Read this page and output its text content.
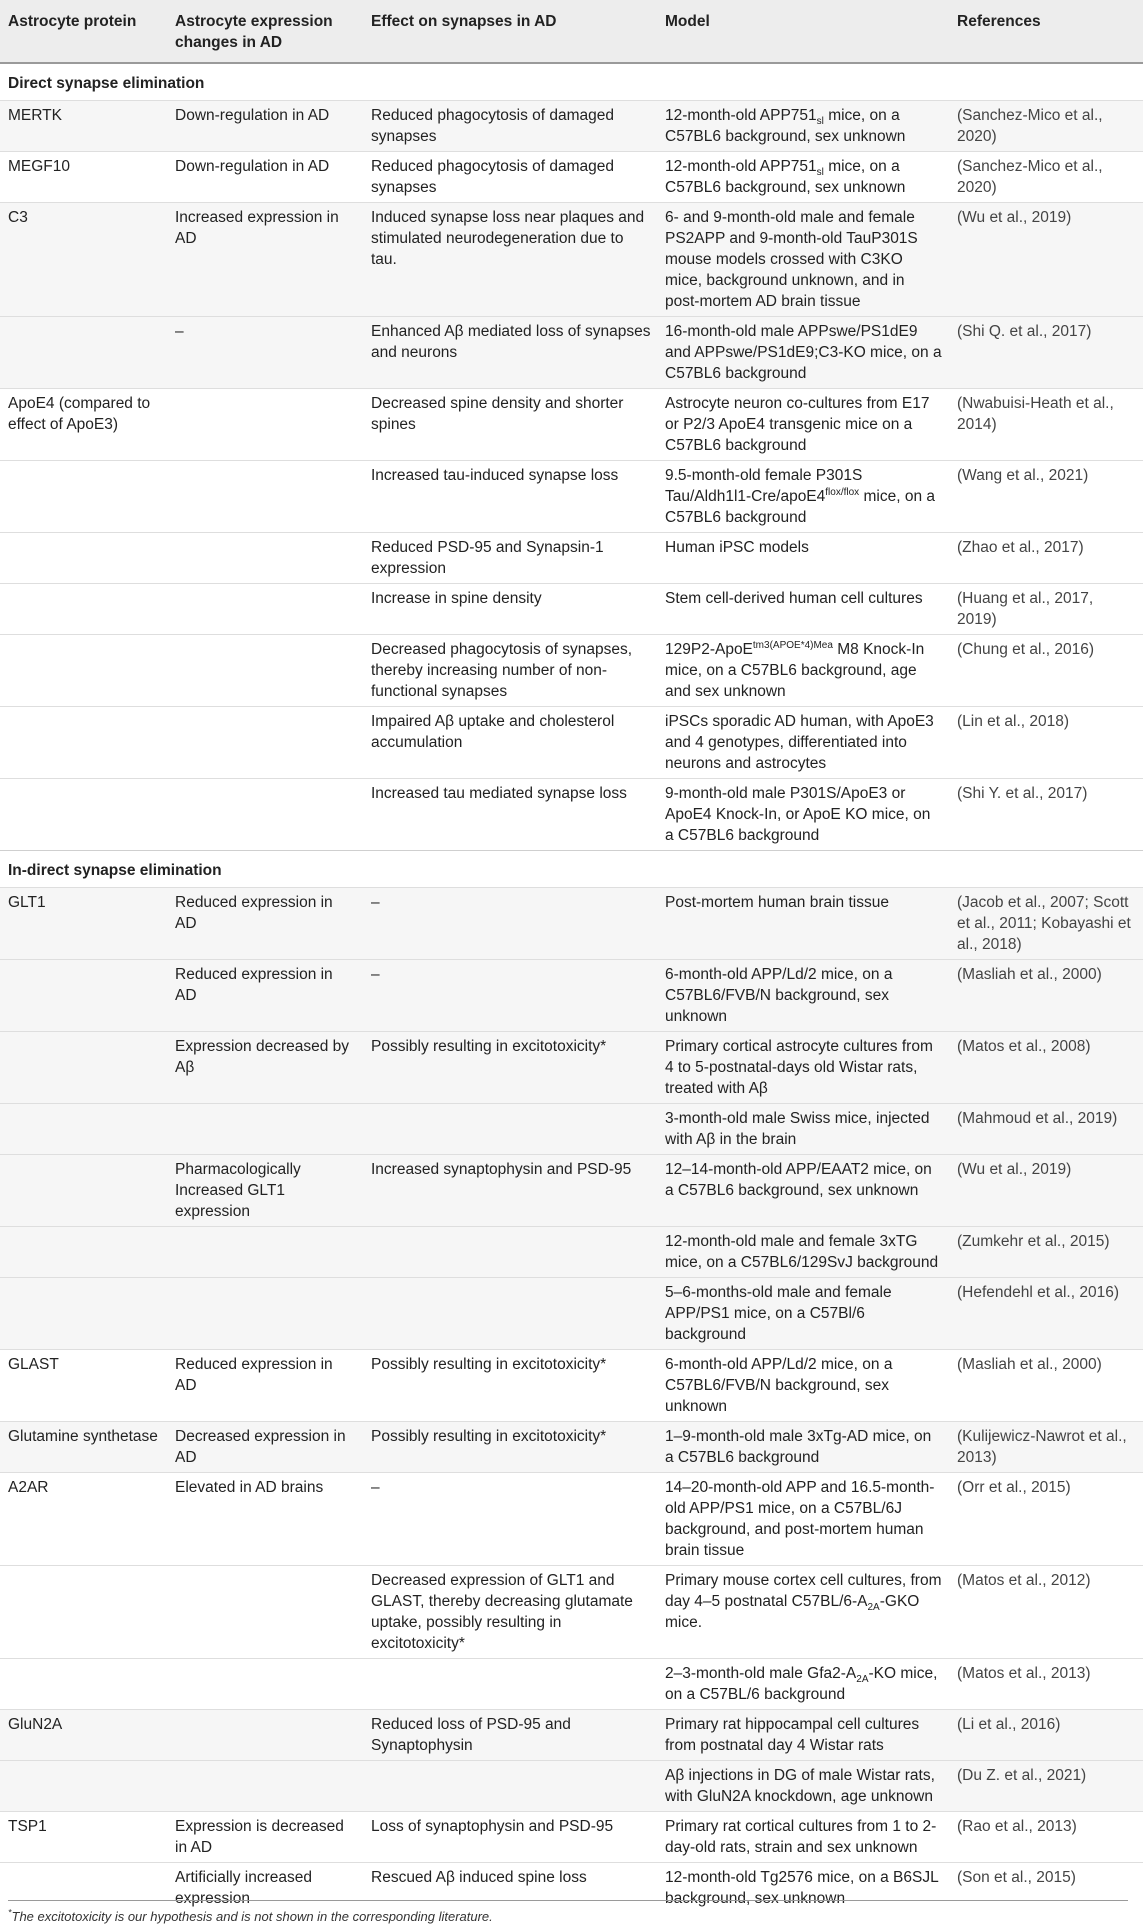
Astrocyte protein	Astrocyte expression changes in AD	Effect on synapses in AD	Model	References
Direct synapse elimination				
MERTK	Down-regulation in AD	Reduced phagocytosis of damaged synapses	12-month-old $APP751_{sl}$ mice, on a C57BL6 background, sex unknown	(Sanchez-Mico et al., 2020)
MEGF10	Down-regulation in AD	Reduced phagocytosis of damaged synapses	12-month-old $APP751_{sl}$ mice, on a C57BL6 background, sex unknown	(Sanchez-Mico et al., 2020)
C3	Increased expression in AD	Induced synapse loss near plaques and stimulated neurodegeneration due to tau.	6- and 9-month-old male and female PS2APP and 9-month-old TauP301S mouse models crossed with C3KO mice, background unknown, and in post-mortem AD brain tissue	(Wu et al., 2019)
	–	Enhanced Aβ mediated loss of synapses and neurons	16-month-old male APPswe/PS1dE9 and APPswe/PS1dE9;C3-KO mice, on a C57BL6 background	(Shi Q. et al., 2017)
ApoE4 (compared to effect of ApoE3)		Decreased spine density and shorter spines	Astrocyte neuron co-cultures from E17 or P2/3 ApoE4 transgenic mice on a C57BL6 background	(Nwabuisi-Heath et al., 2014)
		Increased tau-induced synapse loss	9.5-month-old female P301S Tau/$Aldh1l1-Cre/apoE4^{flox/flox}$ mice, on a C57BL6 background	(Wang et al., 2021)
		Reduced PSD-95 and Synapsin-1 expression	Human iPSC models	(Zhao et al., 2017)
		Increase in spine density	Stem cell-derived human cell cultures	(Huang et al., 2017, 2019)
		Decreased phagocytosis of synapses, thereby increasing number of non-functional synapses	129P2-ApoE$^{tm3(APOE*4)Mea}$ M8 Knock-In mice, on a C57BL6 background, age and sex unknown	(Chung et al., 2016)
		Impaired Aβ uptake and cholesterol accumulation	iPSCs sporadic AD human, with ApoE3 and 4 genotypes, differentiated into neurons and astrocytes	(Lin et al., 2018)
		Increased tau mediated synapse loss	9-month-old male P301S/ApoE3 or ApoE4 Knock-In, or ApoE KO mice, on a C57BL6 background	(Shi Y. et al., 2017)
In-direct synapse elimination				
GLT1	Reduced expression in AD	–	Post-mortem human brain tissue	(Jacob et al., 2007; Scott et al., 2011; Kobayashi et al., 2018)
	Reduced expression in AD	–	6-month-old APP/Ld/2 mice, on a C57BL6/FVB/N background, sex unknown	(Masliah et al., 2000)
	Expression decreased by Aβ	Possibly resulting in excitotoxicity*	Primary cortical astrocyte cultures from 4 to 5-postnatal-days old Wistar rats, treated with Aβ	(Matos et al., 2008)
			3-month-old male Swiss mice, injected with Aβ in the brain	(Mahmoud et al., 2019)
	Pharmacologically Increased GLT1 expression	Increased synaptophysin and PSD-95	12–14-month-old APP/EAAT2 mice, on a C57BL6 background, sex unknown	(Wu et al., 2019)
			12-month-old male and female 3xTG mice, on a C57BL6/129SvJ background	(Zumkehr et al., 2015)
			5–6-months-old male and female APP/PS1 mice, on a C57Bl/6 background	(Hefendehl et al., 2016)
GLAST	Reduced expression in AD	Possibly resulting in excitotoxicity*	6-month-old APP/Ld/2 mice, on a C57BL6/FVB/N background, sex unknown	(Masliah et al., 2000)
Glutamine synthetase	Decreased expression in AD	Possibly resulting in excitotoxicity*	1–9-month-old male 3xTg-AD mice, on a C57BL6 background	(Kulijewicz-Nawrot et al., 2013)
A2AR	Elevated in AD brains	–	14–20-month-old APP and 16.5-month-old APP/PS1 mice, on a C57BL/6J background, and post-mortem human brain tissue	(Orr et al., 2015)
		Decreased expression of GLT1 and GLAST, thereby decreasing glutamate uptake, possibly resulting in excitotoxicity*	Primary mouse cortex cell cultures, from day 4–5 postnatal $C57BL/6-A_{2A}$-GKO mice.	(Matos et al., 2012)
			2–3-month-old male $Gfa2-A_{2A}-KO$ mice, on a C57BL/6 background	(Matos et al., 2013)
GluN2A		Reduced loss of PSD-95 and Synaptophysin	Primary rat hippocampal cell cultures from postnatal day 4 Wistar rats	(Li et al., 2016)
			Aβ injections in DG of male Wistar rats, with GluN2A knockdown, age unknown	(Du Z. et al., 2021)
TSP1	Expression is decreased in AD	Loss of synaptophysin and PSD-95	Primary rat cortical cultures from 1 to 2-day-old rats, strain and sex unknown	(Rao et al., 2013)
	Artificially increased expression	Rescued Aβ induced spine loss	12-month-old Tg2576 mice, on a B6SJL background, sex unknown	(Son et al., 2015)
*The excitotoxicity is our hypothesis and is not shown in the corresponding literature.
